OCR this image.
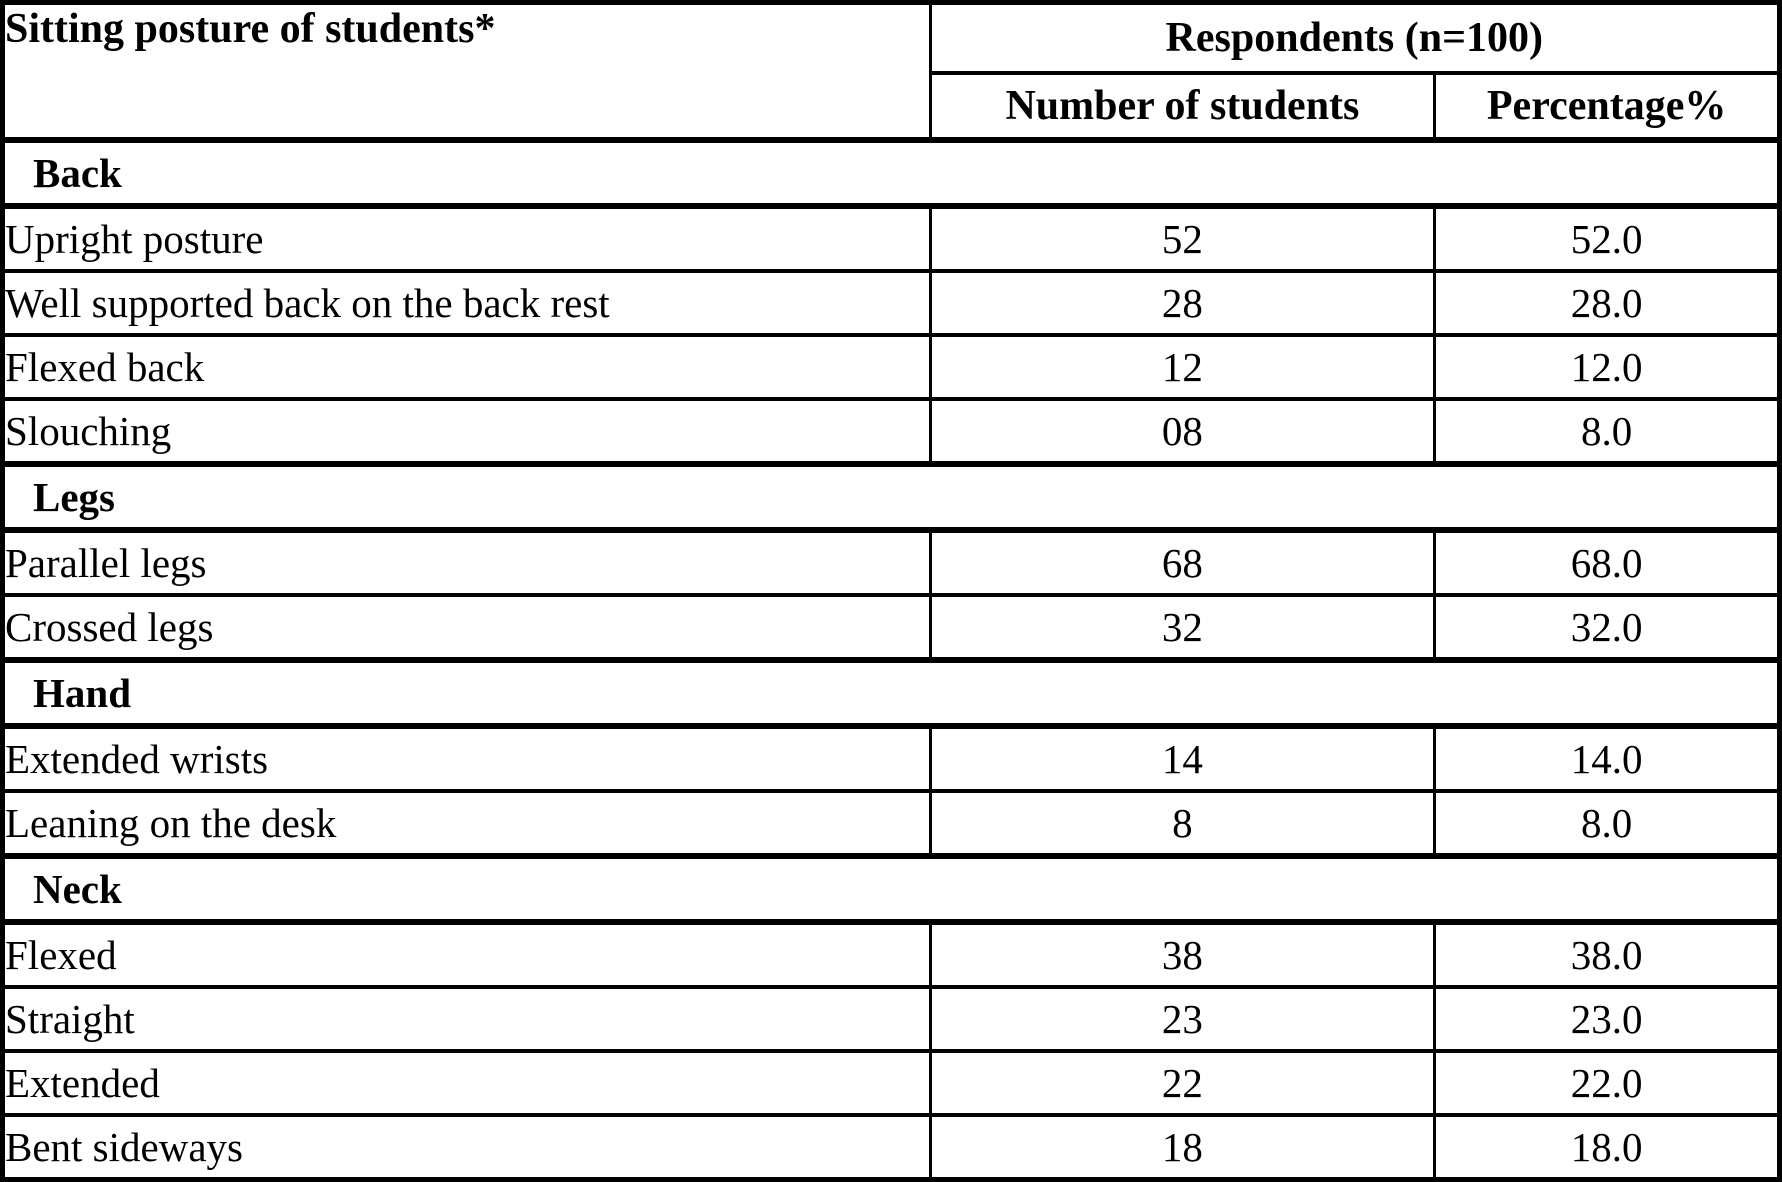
Sitting posture of students*	Respondents (n=100)	
	Number of students	Percentage%
Back		
Upright posture	52	52.0
Well supported back on the back rest	28	28.0
Flexed back	12	12.0
Slouching	08	8.0
Legs		
Parallel legs	68	68.0
Crossed legs	32	32.0
Hand		
Extended wrists	14	14.0
Leaning on the desk	8	8.0
Neck		
Flexed	38	38.0
Straight	23	23.0
Extended	22	22.0
Bent sideways	18	18.0
